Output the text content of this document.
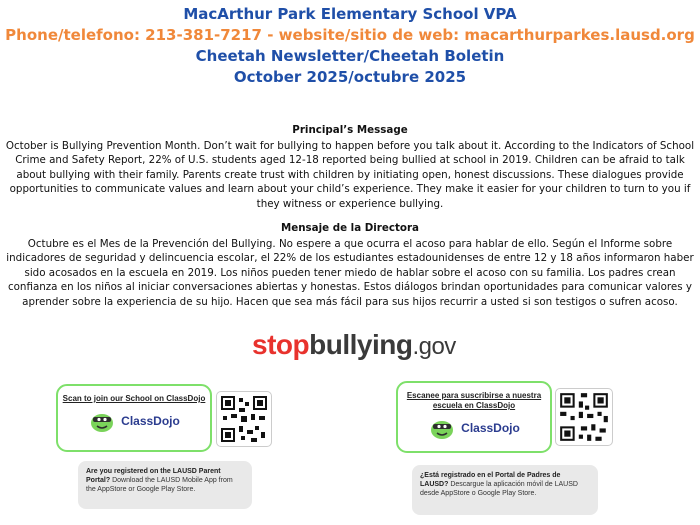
MacArthur Park Elementary School VPA
Phone/telefono: 213-381-7217 - website/sitio de web: macarthurparkes.lausd.org
Cheetah Newsletter/Cheetah Boletin
October 2025/octubre 2025
Principal’s Message

October is Bullying Prevention Month. Don’t wait for bullying to happen before you talk about it. According to the Indicators of School Crime and Safety Report, 22% of U.S. students aged 12-18 reported being bullied at school in 2019. Children can be afraid to talk about bullying with their family. Parents create trust with children by initiating open, honest discussions. These dialogues provide opportunities to communicate values and learn about your child’s experience. They make it easier for your children to turn to you if they witness or experience bullying.

Mensaje de la Directora

Octubre es el Mes de la Prevención del Bullying. No espere a que ocurra el acoso para hablar de ello. Según el Informe sobre indicadores de seguridad y delincuencia escolar, el 22% de los estudiantes estadounidenses de entre 12 y 18 años informaron haber sido acosados en la escuela en 2019. Los niños pueden tener miedo de hablar sobre el acoso con su familia. Los padres crean confianza en los niños al iniciar conversaciones abiertas y honestas. Estos diálogos brindan oportunidades para comunicar valores y aprender sobre la experiencia de su hijo. Hacen que sea más fácil para sus hijos recurrir a usted si son testigos o sufren acoso.

stopbullying.gov
Scan to join our School on ClassDojo
ClassDojo
Are you registered on the LAUSD Parent Portal? Download the LAUSD Mobile App from the AppStore or Google Play Store.
Escanee para suscribirse a nuestra escuela en ClassDojo
ClassDojo
¿Está registrado en el Portal de Padres de LAUSD? Descargue la aplicación móvil de LAUSD desde AppStore o Google Play Store.
